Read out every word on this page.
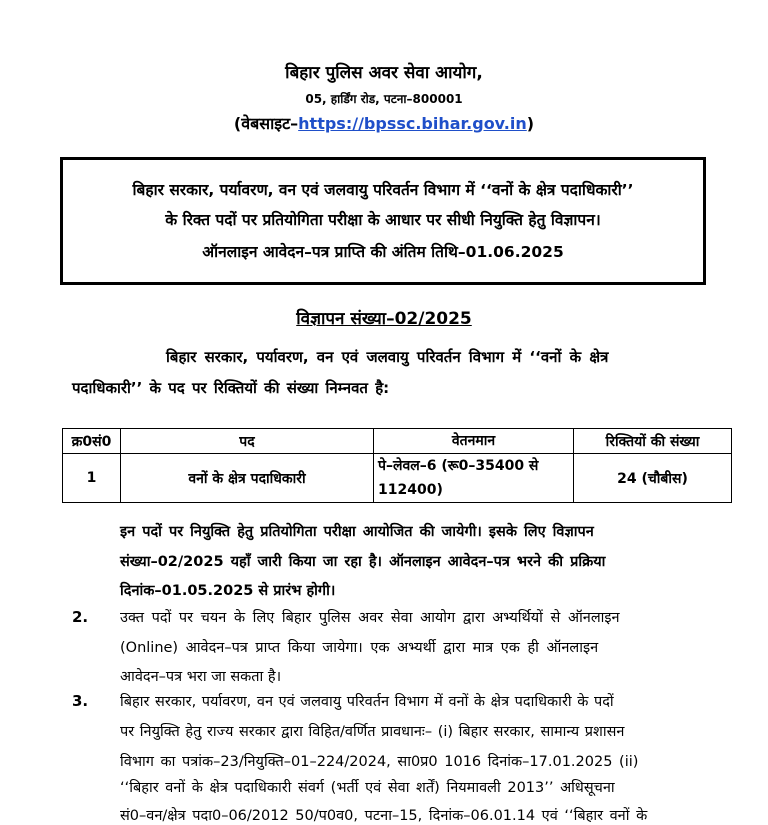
बिहार पुलिस अवर सेवा आयोग,
05, हार्डिंग रोड, पटना–800001
(वेबसाइट–https://bpssc.bihar.gov.in)
बिहार सरकार, पर्यावरण, वन एवं जलवायु परिवर्तन विभाग में ‘‘वनों के क्षेत्र पदाधिकारी’’
के रिक्त पदों पर प्रतियोगिता परीक्षा के आधार पर सीधी नियुक्ति हेतु विज्ञापन।
ऑनलाइन आवेदन–पत्र प्राप्ति की अंतिम तिथि–01.06.2025
विज्ञापन संख्या–02/2025
बिहार सरकार, पर्यावरण, वन एवं जलवायु परिवर्तन विभाग में ‘‘वनों के क्षेत्र
पदाधिकारी’’ के पद पर रिक्तियों की संख्या निम्नवत है:
क्र0सं0	पद	वेतनमान	रिक्तियों की संख्या
1	वनों के क्षेत्र पदाधिकारी	पे–लेवल–6 (रू0–35400 से
112400)	24 (चौबीस)
इन पदों पर नियुक्ति हेतु प्रतियोगिता परीक्षा आयोजित की जायेगी। इसके लिए विज्ञापन
संख्या–02/2025 यहाँ जारी किया जा रहा है। ऑनलाइन आवेदन–पत्र भरने की प्रक्रिया
दिनांक–01.05.2025 से प्रारंभ होगी।
2. उक्त पदों पर चयन के लिए बिहार पुलिस अवर सेवा आयोग द्वारा अभ्यर्थियों से ऑनलाइन
(Online) आवेदन–पत्र प्राप्त किया जायेगा। एक अभ्यर्थी द्वारा मात्र एक ही ऑनलाइन
आवेदन–पत्र भरा जा सकता है।
3. बिहार सरकार, पर्यावरण, वन एवं जलवायु परिवर्तन विभाग में वनों के क्षेत्र पदाधिकारी के पदों
पर नियुक्ति हेतु राज्य सरकार द्वारा विहित/वर्णित प्रावधानः– (i) बिहार सरकार, सामान्य प्रशासन
विभाग का पत्रांक–23/नियुक्ति–01–224/2024, सा0प्र0 1016 दिनांक–17.01.2025 (ii)
‘‘बिहार वनों के क्षेत्र पदाधिकारी संवर्ग (भर्ती एवं सेवा शर्तें) नियमावली 2013’’ अधिसूचना
सं0–वन/क्षेत्र पदा0–06/2012 50/प0व0, पटना–15, दिनांक–06.01.14 एवं ‘‘बिहार वनों के
